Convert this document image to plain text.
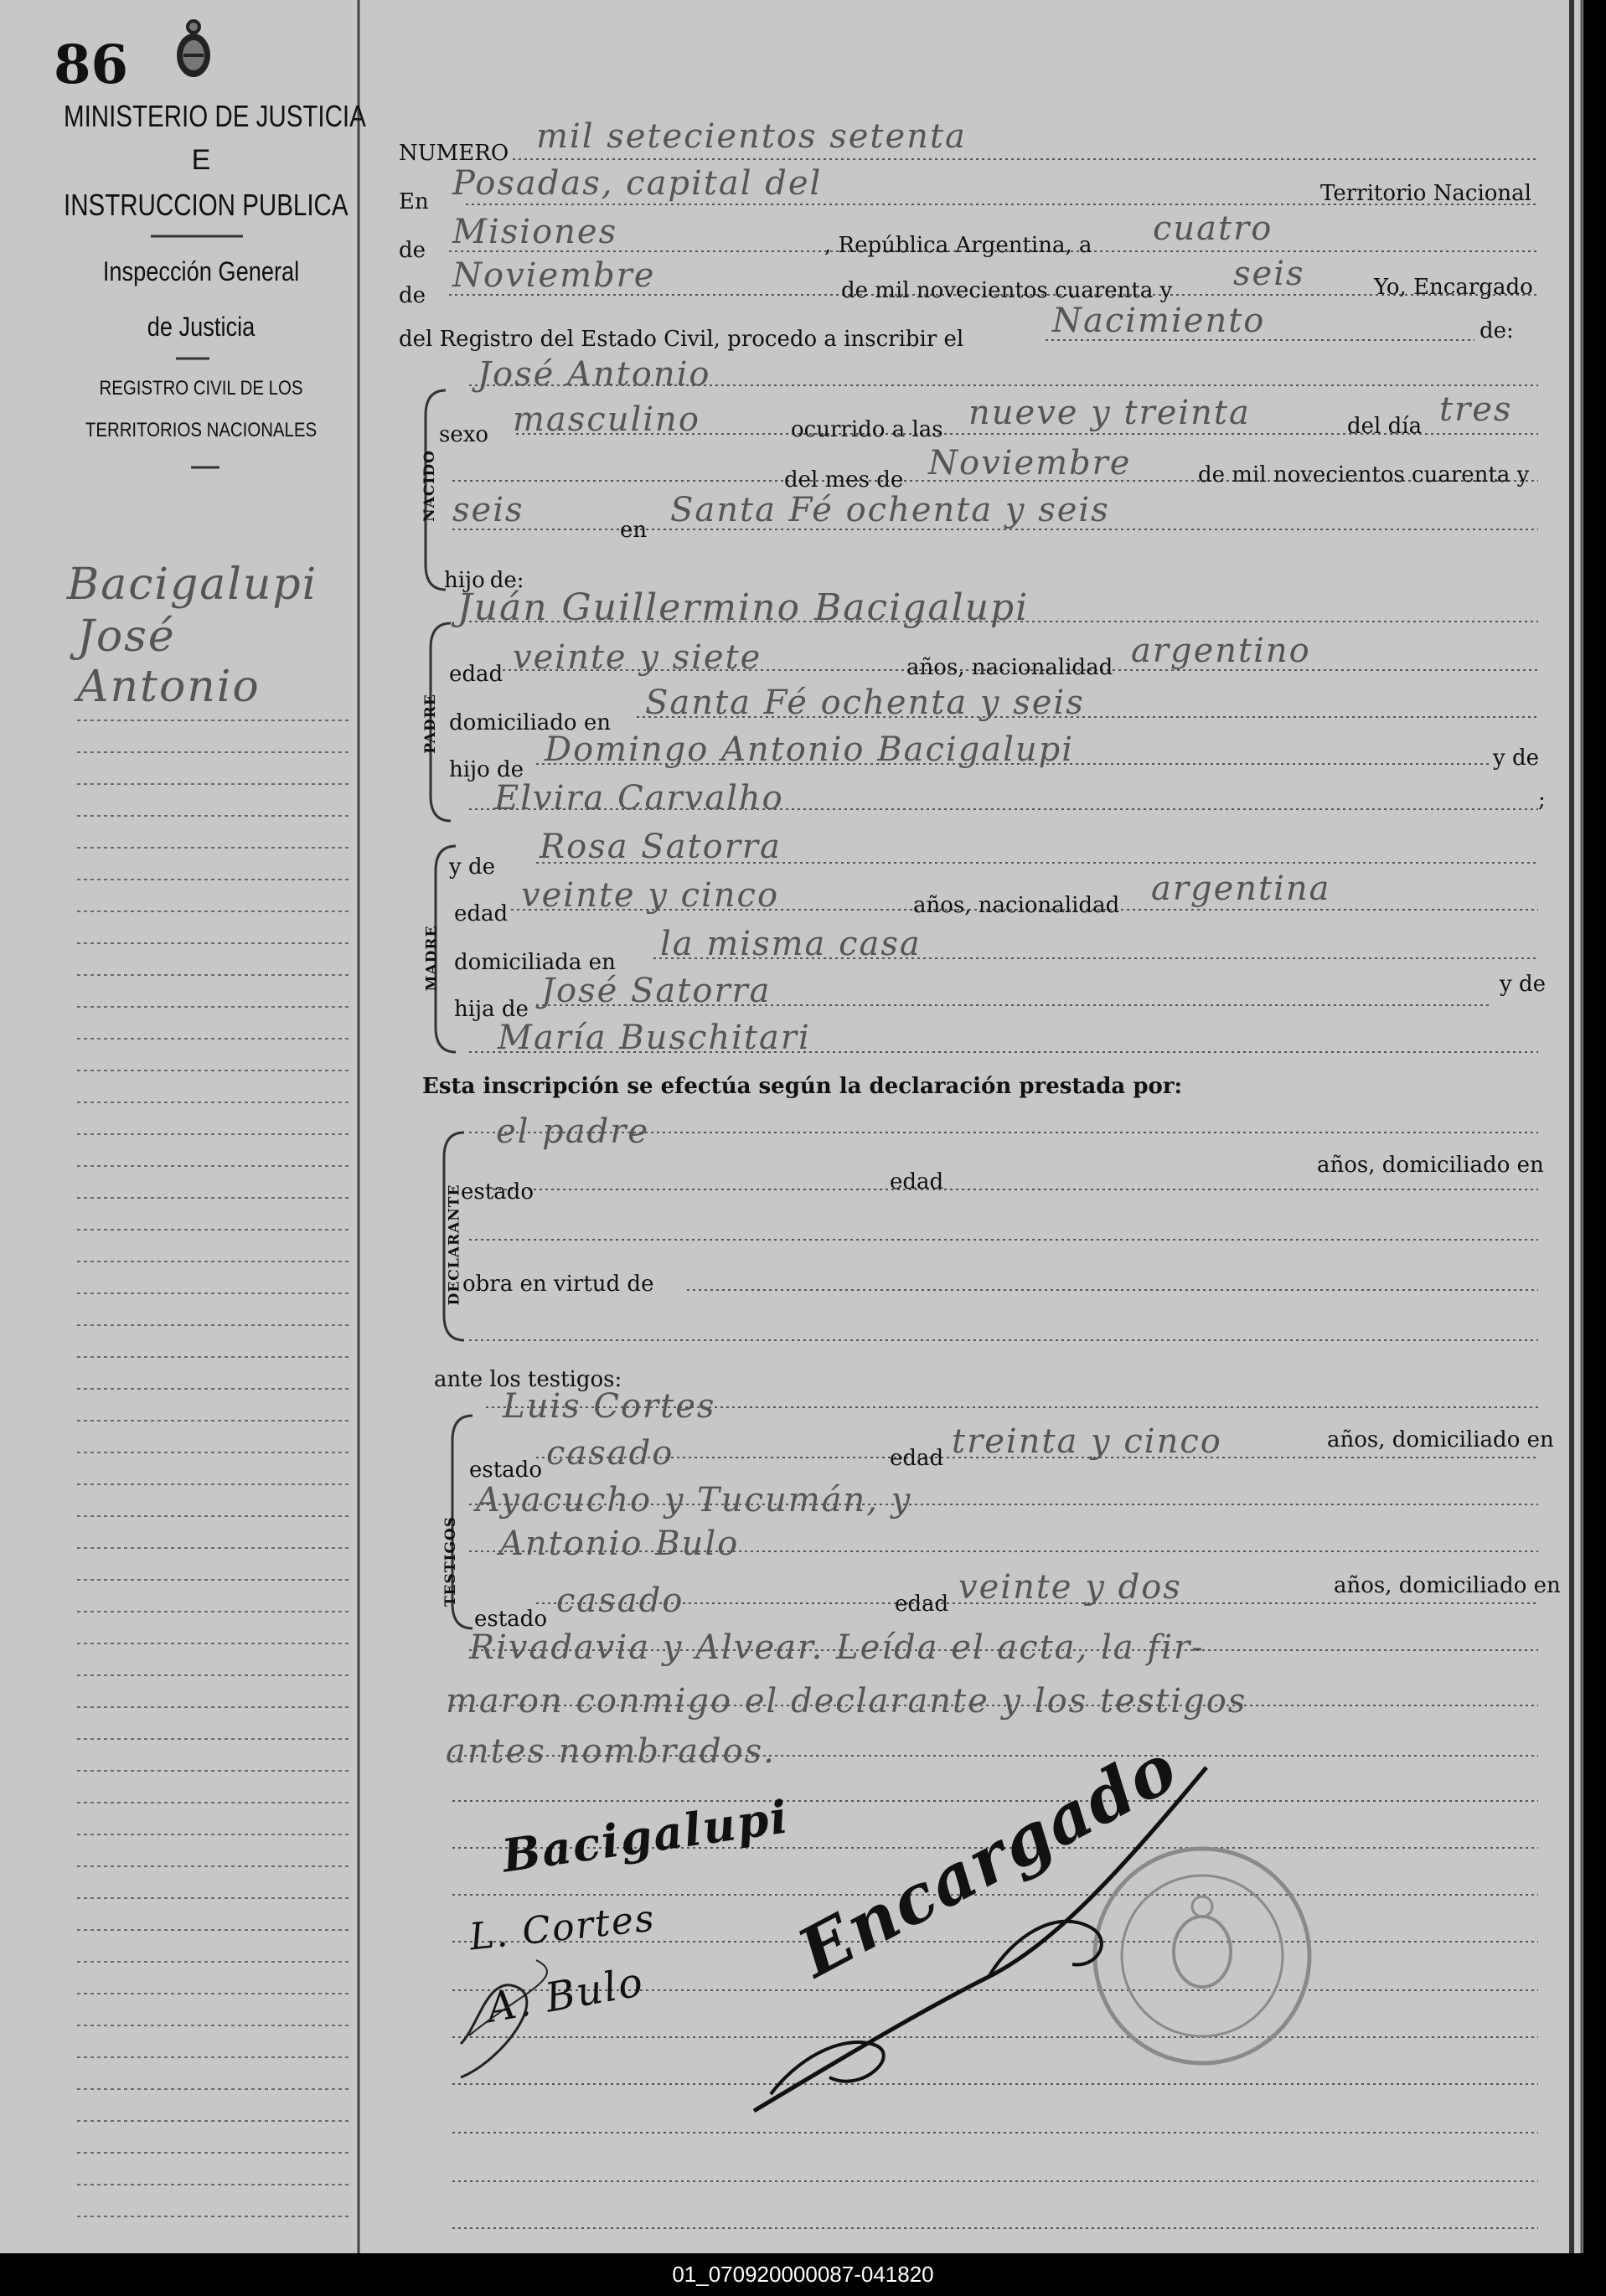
86
MINISTERIO DE JUSTICIA
E
INSTRUCCION PUBLICA
Inspección General
de Justicia
REGISTRO CIVIL DE LOS
TERRITORIOS NACIONALES
Bacigalupi
José
Antonio
NUMERO mil setecientos setenta
En Posadas, capital del	Territorio Nacional
de Misiones	, República Argentina, a cuatro
de
Noviembre	de mil novecientos cuarenta y seis	Yo, Encargado
del Registro del Estado Civil, procedo a inscribir el	Nacimiento	de:
NACIDO
José Antonio
sexo masculino	ocurrido a las nueve y treinta	del día tres
del mes de Noviembre	de mil novecientos cuarenta y
seis
en
Santa Fé ochenta y seis
hijo de:
PADRE
Juán Guillermino Bacigalupi
edad veinte y siete	años, nacionalidad argentino
domiciliado en
Santa Fé ochenta y seis
hijo de
Domingo Antonio Bacigalupi	y de
Elvira Carvalho	;
MADRE
y de
Rosa Satorra
edad veinte y cinco	años, nacionalidad argentina
domiciliada en la misma casa
hija de José Satorra	y de
María Buschitari
Esta inscripción se efectúa según la declaración prestada por:
DECLARANTE
el padre
estado	edad
años, domiciliado en
obra en virtud de
ante los testigos:
TESTIGOS
Luis Cortes
estado casado	edad treinta y cinco	años, domiciliado en
Ayacucho y Tucumán, y
Antonio Bulo
estado casado	edad veinte y dos	años, domiciliado en
Rivadavia y Alvear. Leída el acta, la fir-
maron conmigo el declarante y los testigos
antes nombrados.
Bacigalupi
L. Cortes
A. Bulo
Encargado
01_070920000087-041820
